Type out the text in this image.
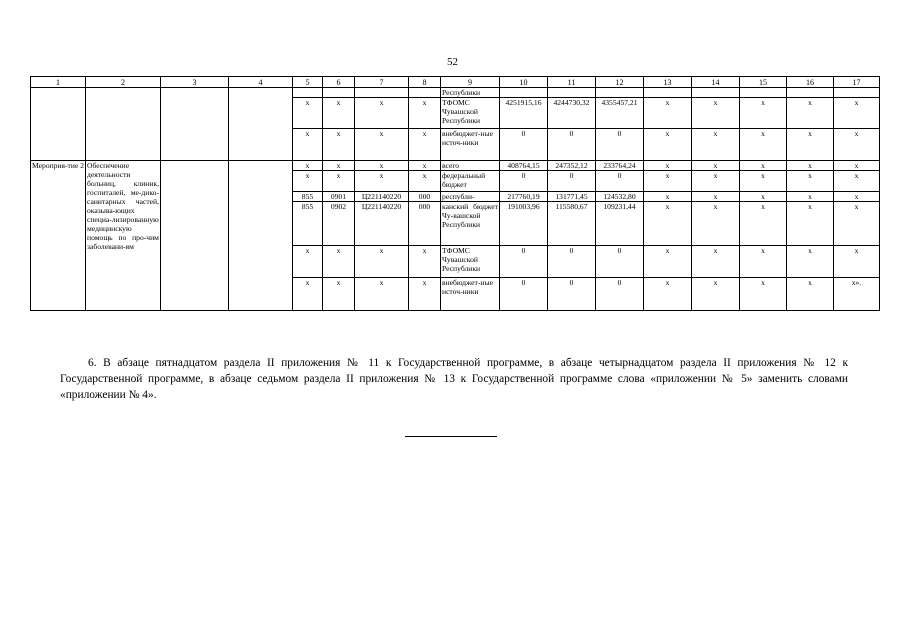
52
1	2	3	4	5	6	7	8	9	10	11	12	13	14	15	16	17
								Республики								
				х	х	х	х	ТФОМС Чувашской Республики	4251915,16	4244730,32	4355457,21	х	х	х	х	х
				х	х	х	х	внебюджет-ные источ-ники	0	0	0	х	х	х	х	х
Мероприя-тие 2	Обеспечение деятельности больниц, клиник, госпиталей, ме-дико-санитарных частей, оказыва-ющих специа-лизированную медицинскую помощь по про-чим заболевани-ям			х	х	х	х	всего	408764,15	247352,12	233764,24	х	х	х	х	х
				х	х	х	х	федеральный бюджет	0	0	0	х	х	х	х	х
				855	0901	Ц221140220	000	республи-	217760,19	131771,45	124532,80	х	х	х	х	х
				855	0902	Ц221140220	000	канский бюджет Чу-вашской Республики	191003,96	115580,67	109231,44	х	х	х	х	х
				х	х	х	х	ТФОМС Чувашской Республики	0	0	0	х	х	х	х	х
				х	х	х	х	внебюджет-ные источ-ники	0	0	0	х	х	х	х	х».

6. В абзаце пятнадцатом раздела II приложения № 11 к Государственной программе, в абзаце четырнадцатом раздела II приложения № 12 к Государственной программе, в абзаце седьмом раздела II приложения № 13 к Государственной программе слова «приложении № 5» заменить словами «приложении № 4».
